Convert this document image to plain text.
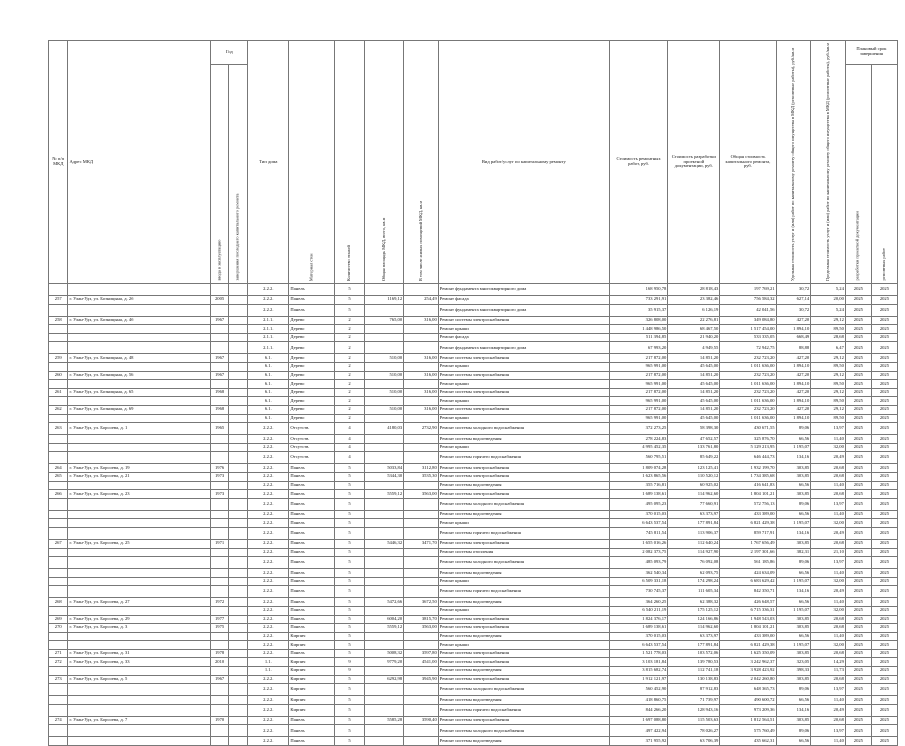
№ п/п МКД	Адрес МКД	Год		Тип дома	Материал стен	Количество этажей	Общая площадь МКД, всего, кв.м	В том числе жилых помещений МКД, кв.м	Вид работ/услуг по капитальному ремонту	Стоимость ремонтных работ, руб.	Стоимость разработки проектной документации, руб.	Общая стоимость капитального ремонта, руб.	Удельная стоимость услуг и (или) работ по капитальному ремонту общего имущества в МКД (ремонтные работы), руб./кв.м	Предельная стоимость услуг и (или) работ по капитальному ремонту общего имущества в МКД (ремонтные работы), руб./кв.м	Плановый срок завершения	
		ввода в эксплуатацию	завершения последнего капитального ремонта												разработки проектной документации	ремонтных работ
				2.2.2.	Панель	5			Ремонт фундамента многоквартирного дома	168 950,78	28 818,43	197 769,21	30,72	5,24	2025	2025
257	г. Улан-Удэ, ул. Бозницына, д. 2б	2005		2.2.2.	Панель	5	1169,12	254,49	Ремонт фасада	733 291,91	23 382,46	756 584,32	627,14	20,00	2025	2025
				2.2.2.	Панель	5			Ремонт фундамента многоквартирного дома	35 915,37	6 126,19	42 041,56	30,72	5,24	2025	2025
258	г. Улан-Удэ, ул. Бозницына, д. 4б	1967		2.1.1.	Дерево	2	765,00	316,00	Ремонт системы электроснабжения	326 808,00	22 276,81	349 084,80	427,20	29,12	2025	2025
				2.1.1.	Дерево	2			Ремонт крыши	1 448 986,50	68 467,50	1 517 454,00	1 894,10	89,50	2025	2025
				2.1.1.	Дерево	2			Ремонт фасада	511 394,85	21 940,20	533 335,05	668,49	28,68	2025	2025
				2.1.1.	Дерево	2			Ремонт фундамента многоквартирного дома	67 993,20	4 949,55	72 942,75	88,88	6,47	2025	2025
259	г. Улан-Удэ, ул. Бозницына, д. 48	1967		6.1.	Дерево	2	510,00	316,00	Ремонт системы электроснабжения	217 872,00	14 851,20	232 723,20	427,20	29,12	2025	2025
				6.1.	Дерево	2			Ремонт крыши	965 991,00	45 645,00	1 011 636,00	1 894,10	89,50	2025	2025
260	г. Улан-Удэ, ул. Бозницына, д. 56	1967		6.1.	Дерево	2	510,00	316,00	Ремонт системы электроснабжения	217 872,00	14 851,20	232 723,20	427,20	29,12	2025	2025
				6.1.	Дерево	2			Ремонт крыши	965 991,00	45 645,00	1 011 636,00	1 894,10	89,50	2025	2025
261	г. Улан-Удэ, ул. Бозницына, д. 65	1968		6.1.	Дерево	2	510,00	316,00	Ремонт системы электроснабжения	217 872,00	14 851,20	232 723,20	427,20	29,12	2025	2025
				6.1.	Дерево	2			Ремонт крыши	965 991,00	45 645,00	1 011 636,00	1 894,10	89,50	2025	2025
262	г. Улан-Удэ, ул. Бозницына, д. 69	1968		6.1.	Дерево	2	510,00	316,00	Ремонт системы электроснабжения	217 872,00	14 851,20	232 723,20	427,20	29,12	2025	2025
				6.1.	Дерево	2			Ремонт крыши	965 991,00	45 645,00	1 011 636,00	1 894,10	89,50	2025	2025
263	г. Улан-Удэ, ул. Борсоева, д. 1	1965		2.2.2.	Отсутств.	4	4180,03	2732,90	Ремонт системы холодного водоснабжения	372 273,25	58 398,30	430 671,55	89,06	13,97	2025	2025
				2.2.2.	Отсутств.	4			Ремонт системы водоотведения	278 224,83	47 652,57	325 876,70	66,56	11,40	2025	2025
				2.2.2.	Отсутств.	4			Ремонт крыши	4 995 452,35	133 761,80	5 129 213,95	1 195,07	32,00	2025	2025
				2.2.2.	Отсутств.	4			Ремонт системы горячего водоснабжения	560 795,51	85 649,22	646 444,73	134,16	20,49	2025	2025
264	г. Улан-Удэ, ул. Борсоева, д. 19	1976		2.2.2.	Панель	5	5033,84	3112,80	Ремонт системы электроснабжения	1 809 074,28	123 125,41	1 932 199,70	303,85	20,68	2025	2025
265	г. Улан-Удэ, ул. Борсоева, д. 21	1973		2.2.2.	Панель	5	5344,30	3535,30	Ремонт системы электроснабжения	1 623 865,56	110 520,12	1 734 385,68	303,85	20,68	2025	2025
				2.2.2.	Панель	5			Ремонт системы водоотведения	355 716,81	60 925,02	416 641,83	66,56	11,40	2025	2025
266	г. Улан-Удэ, ул. Борсоева, д. 23	1973		2.2.2.	Панель	5	5559,12	3563,00	Ремонт системы электроснабжения	1 689 138,61	114 962,60	1 804 101,21	303,85	20,68	2025	2025
				2.2.2.	Панель	5			Ремонт системы холодного водоснабжения	495 095,23	77 660,91	572 756,13	89,06	13,97	2025	2025
				2.2.2.	Панель	5			Ремонт системы водоотведения	370 015,03	63 373,97	433 389,00	66,56	11,40	2025	2025
				2.2.2.	Панель	5			Ремонт крыши	6 643 537,54	177 891,84	6 821 429,38	1 195,07	32,00	2025	2025
				2.2.2.	Панель	5			Ремонт системы горячего водоснабжения	745 811,54	113 906,37	859 717,91	134,16	20,49	2025	2025
267	г. Улан-Удэ, ул. Борсоева, д. 25	1971		2.2.2.	Панель	5	5446,32	3471,70	Ремонт системы электроснабжения	1 655 016,26	112 640,24	1 767 656,49	303,85	20,68	2025	2025
				2.2.2.	Панель	5			Ремонт системы отопления	2 082 373,75	114 927,90	2 197 301,66	382,31	21,10	2025	2025
				2.2.2.	Панель	5			Ремонт системы холодного водоснабжения	485 093,79	76 092,08	561 185,86	89,06	13,97	2025	2025
				2.2.2.	Панель	5			Ремонт системы водоотведения	362 540,34	62 093,75	424 634,09	66,56	11,40	2025	2025
				2.2.2.	Панель	5			Ремонт крыши	6 509 331,18	174 298,24	6 683 629,42	1 195,07	32,00	2025	2025
				2.2.2.	Панель	5			Ремонт системы горячего водоснабжения	730 745,37	111 605,34	842 350,71	134,16	20,49	2025	2025
268	г. Улан-Удэ, ул. Борсоева, д. 27	1972		2.2.2.	Панель	5	5472,66	3672,50	Ремонт системы водоотведения	364 260,25	62 388,32	426 648,57	66,56	11,40	2025	2025
				2.2.2.	Панель	5			Ремонт крыши	6 540 211,19	175 125,12	6 715 336,31	1 195,07	32,00	2025	2025
269	г. Улан-Удэ, ул. Борсоева, д. 29	1977		2.2.2.	Панель	5	6004,20	3815,70	Ремонт системы электроснабжения	1 824 376,17	124 166,86	1 948 543,03	303,85	20,68	2025	2025
270	г. Улан-Удэ, ул. Борсоева, д. 3	1975		2.2.2.	Панель	5	5559,12	3563,00	Ремонт системы электроснабжения	1 689 138,61	114 962,60	1 804 101,21	303,85	20,68	2025	2025
				2.2.2.	Кирпич	5			Ремонт системы водоотведения	370 015,03	63 373,97	433 389,00	66,56	11,40	2025	2025
				2.2.2.	Кирпич	5			Ремонт крыши	6 643 537,54	177 891,84	6 821 429,38	1 195,07	32,00	2025	2025
271	г. Улан-Удэ, ул. Борсоева, д. 31	1978		2.2.2.	Панель	5	5008,32	3597,80	Ремонт системы электроснабжения	1 521 778,03	103 572,06	1 625 350,09	303,85	20,68	2025	2025
272	г. Улан-Удэ, ул. Борсоева, д. 33	2010		1.1.	Кирпич	9	9779,20	4541,00	Ремонт системы электроснабжения	3 103 181,84	139 780,53	3 242 962,37	323,05	14,29	2025	2025
				1.1.	Кирпич	9			Ремонт системы водоотведения	3 815 682,74	112 741,18	3 928 423,92	398,33	11,73	2025	2025
273	г. Улан-Удэ, ул. Борсоева, д. 5	1967		2.2.2.	Кирпич	5	6292,98	3945,90	Ремонт системы электроснабжения	1 912 121,97	130 138,83	2 042 260,80	303,85	20,68	2025	2025
				2.2.2.	Кирпич	5			Ремонт системы холодного водоснабжения	560 452,90	87 912,83	648 365,73	89,06	13,97	2025	2025
				2.2.2.	Кирпич	5			Ремонт системы водоотведения	418 860,75	71 739,97	490 600,72	66,56	11,40	2025	2025
				2.2.2.	Кирпич	5			Ремонт системы горячего водоснабжения	844 266,20	128 943,16	973 209,36	134,16	20,49	2025	2025
274	г. Улан-Удэ, ул. Борсоева, д. 7	1970		2.2.2.	Панель	5	5585,28	3590,40	Ремонт системы электроснабжения	1 697 088,80	115 503,63	1 812 564,51	303,85	20,68	2025	2025
				2.2.2.	Панель	5			Ремонт системы холодного водоснабжения	497 422,94	78 026,27	575 760,49	89,06	13,97	2025	2025
				2.2.2.	Панель	5			Ремонт системы водоотведения	371 955,92	63 706,39	435 662,31	66,56	11,40	2025	2025
